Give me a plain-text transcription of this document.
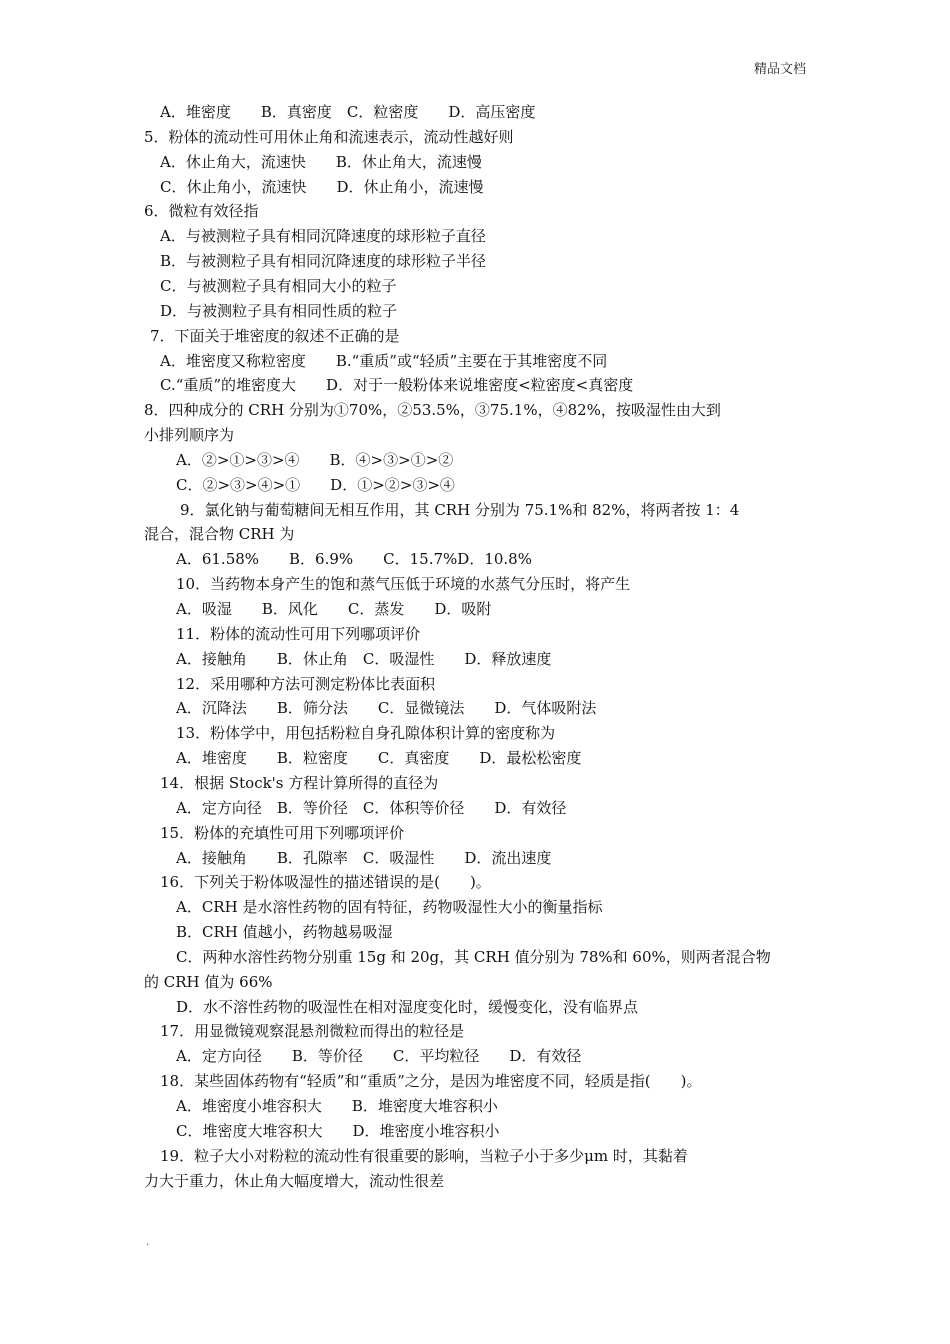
精品文档
A．堆密度　　B．真密度　C．粒密度　　D．高压密度
5．粉体的流动性可用休止角和流速表示，流动性越好则
A．休止角大，流速快　　B．休止角大，流速慢
C．休止角小，流速快　　D．休止角小，流速慢
6．微粒有效径指
A．与被测粒子具有相同沉降速度的球形粒子直径
B．与被测粒子具有相同沉降速度的球形粒子半径
C．与被测粒子具有相同大小的粒子
D．与被测粒子具有相同性质的粒子
7．下面关于堆密度的叙述不正确的是
A．堆密度又称粒密度　　B.“重质”或“轻质”主要在于其堆密度不同
C.“重质”的堆密度大　　D．对于一般粉体来说堆密度<粒密度<真密度
8．四种成分的 CRH 分别为①70%，②53.5%，③75.1%，④82%，按吸湿性由大到
小排列顺序为
A．②>①>③>④　　B．④>③>①>②
C．②>③>④>①　　D．①>②>③>④
9．氯化钠与葡萄糖间无相互作用，其 CRH 分别为 75.1%和 82%，将两者按 1：4
混合，混合物 CRH 为
A．61.58%　　B．6.9%　　C．15.7%D．10.8%
10．当药物本身产生的饱和蒸气压低于环境的水蒸气分压时，将产生
A．吸湿　　B．风化　　C．蒸发　　D．吸附
11．粉体的流动性可用下列哪项评价
A．接触角　　B．休止角　C．吸湿性　　D．释放速度
12．采用哪种方法可测定粉体比表面积
A．沉降法　　B．筛分法　　C．显微镜法　　D．气体吸附法
13．粉体学中，用包括粉粒自身孔隙体积计算的密度称为
A．堆密度　　B．粒密度　　C．真密度　　D．最松松密度
14．根据 Stock's 方程计算所得的直径为
A．定方向径　B．等价径　C．体积等价径　　D．有效径
15．粉体的充填性可用下列哪项评价
A．接触角　　B．孔隙率　C．吸湿性　　D．流出速度
16．下列关于粉体吸湿性的描述错误的是(　　)。
A．CRH 是水溶性药物的固有特征，药物吸湿性大小的衡量指标
B．CRH 值越小，药物越易吸湿
C．两种水溶性药物分别重 15g 和 20g，其 CRH 值分别为 78%和 60%，则两者混合物
的 CRH 值为 66%
D．水不溶性药物的吸湿性在相对湿度变化时，缓慢变化，没有临界点
17．用显微镜观察混悬剂微粒而得出的粒径是
A．定方向径　　B．等价径　　C．平均粒径　　D．有效径
18．某些固体药物有“轻质”和“重质”之分，是因为堆密度不同，轻质是指(　　)。
A．堆密度小堆容积大　　B．堆密度大堆容积小
C．堆密度大堆容积大　　D．堆密度小堆容积小
19．粒子大小对粉粒的流动性有很重要的影响，当粒子小于多少μm 时，其黏着
力大于重力，休止角大幅度增大，流动性很差
.
